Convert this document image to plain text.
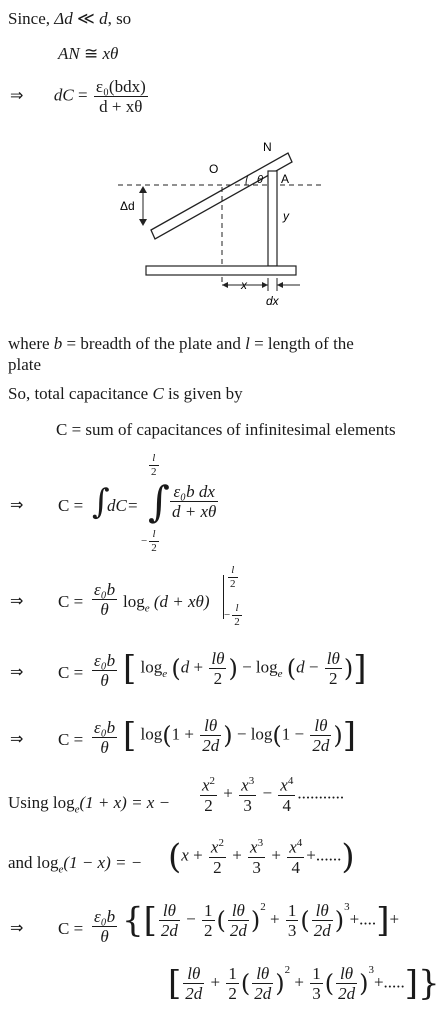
Since, Δd ≪ d, so
AN ≅ xθ
⇒ dC = $\frac{\text{ε₀(bdx)}}{d + x\theta}$
N
O
θ A
Δd
y
x
dx
where b = breadth of the plate and l = length of the
plate
So, total capacitance C is given by
C = sum of capacitances of infinitesimal elements
⇒ C = ∫
dC =
$\frac{l}{2}$
∫
− $\frac{l}{2}$
$\frac{\text{ε₀b dx}}{d + x\theta}$
⇒ $C = \frac{\text{ε₀b}}{\theta} \log_e (d + x\theta)$
$\frac{l}{2}$
− $\frac{l}{2}$
⇒ $C = \frac{\text{ε₀b}}{\theta}$ [ $\log_e (d + \frac{l\theta}{2}$ ) − $\log_e (d - \frac{l\theta}{2}$ )]
⇒ $C = \frac{\text{ε₀b}}{\theta}$ [ $\log(1 + \frac{l\theta}{2d}$ ) − $\log(1 - \frac{l\theta}{2d}$ )]
Using $\log_e(1 + x) = x - \frac{x^2}{2} + \frac{x^3}{3} - \frac{x^4}{4}$ ...........
and $\log_e(1 - x)$ = − ($x + \frac{x^2}{2} + \frac{x^3}{3} + \frac{x^4}{4}$ +......)
⇒ $C = \frac{\text{ε₀b}}{\theta}$ {[ $\frac{l\theta}{2d} - \frac{1}{2}$ ( $\frac{l\theta}{2d} )^2 + \frac{1}{3}$ ( $\frac{l\theta}{2d} )^3+....]+$
[ $\frac{l\theta}{2d} + \frac{1}{2}$ ( $\frac{l\theta}{2d} )^2 + \frac{1}{3}$ ( $\frac{l\theta}{2d} )^3+$.....]}
